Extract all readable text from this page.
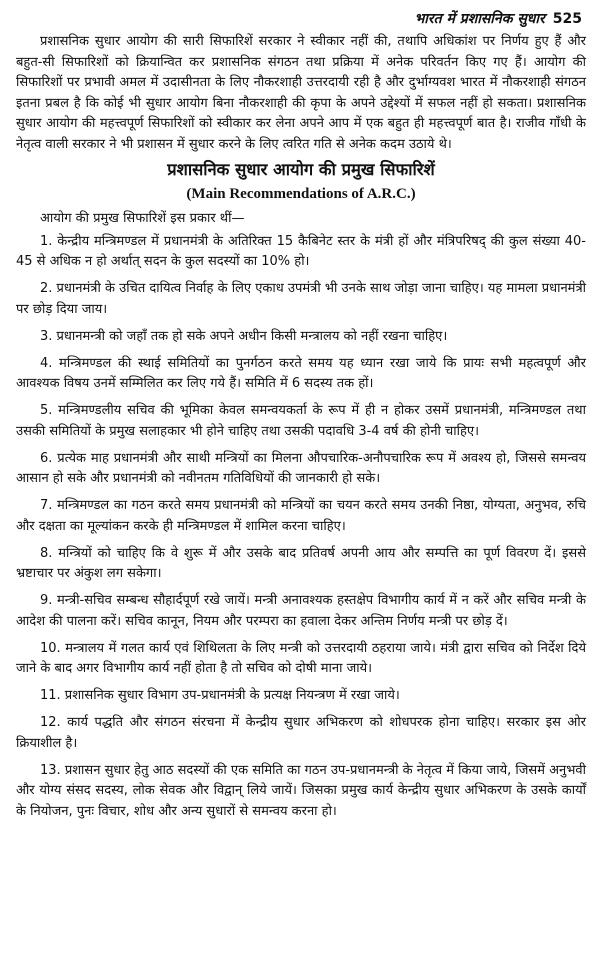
भारत में प्रशासनिक सुधार 525

प्रशासनिक सुधार आयोग की सारी सिफारिशें सरकार ने स्वीकार नहीं की, तथापि अधिकांश पर निर्णय हुए हैं और बहुत-सी सिफारिशों को क्रियान्वित कर प्रशासनिक संगठन तथा प्रक्रिया में अनेक परिवर्तन किए गए हैं। आयोग की सिफारिशों पर प्रभावी अमल में उदासीनता के लिए नौकरशाही उत्तरदायी रही है और दुर्भाग्यवश भारत में नौकरशाही संगठन इतना प्रबल है कि कोई भी सुधार आयोग बिना नौकरशाही की कृपा के अपने उद्देश्यों में सफल नहीं हो सकता। प्रशासनिक सुधार आयोग की महत्त्वपूर्ण सिफारिशों को स्वीकार कर लेना अपने आप में एक बहुत ही महत्त्वपूर्ण बात है। राजीव गाँधी के नेतृत्व वाली सरकार ने भी प्रशासन में सुधार करने के लिए त्वरित गति से अनेक कदम उठाये थे।

प्रशासनिक सुधार आयोग की प्रमुख सिफारिशें
(Main Recommendations of A.R.C.)

आयोग की प्रमुख सिफारिशें इस प्रकार थीं—

1. केन्द्रीय मन्त्रिमण्डल में प्रधानमंत्री के अतिरिक्त 15 कैबिनेट स्तर के मंत्री हों और मंत्रिपरिषद् की कुल संख्या 40-45 से अधिक न हो अर्थात् सदन के कुल सदस्यों का 10% हो।

2. प्रधानमंत्री के उचित दायित्व निर्वाह के लिए एकाध उपमंत्री भी उनके साथ जोड़ा जाना चाहिए। यह मामला प्रधानमंत्री पर छोड़ दिया जाय।

3. प्रधानमन्त्री को जहाँ तक हो सके अपने अधीन किसी मन्त्रालय को नहीं रखना चाहिए।

4. मन्त्रिमण्डल की स्थाई समितियों का पुनर्गठन करते समय यह ध्यान रखा जाये कि प्रायः सभी महत्वपूर्ण और आवश्यक विषय उनमें सम्मिलित कर लिए गये हैं। समिति में 6 सदस्य तक हों।

5. मन्त्रिमण्डलीय सचिव की भूमिका केवल समन्वयकर्ता के रूप में ही न होकर उसमें प्रधानमंत्री, मन्त्रिमण्डल तथा उसकी समितियों के प्रमुख सलाहकार भी होने चाहिए तथा उसकी पदावधि 3-4 वर्ष की होनी चाहिए।

6. प्रत्येक माह प्रधानमंत्री और साथी मन्त्रियों का मिलना औपचारिक-अनौपचारिक रूप में अवश्य हो, जिससे समन्वय आसान हो सके और प्रधानमंत्री को नवीनतम गतिविधियों की जानकारी हो सके।

7. मन्त्रिमण्डल का गठन करते समय प्रधानमंत्री को मन्त्रियों का चयन करते समय उनकी निष्ठा, योग्यता, अनुभव, रुचि और दक्षता का मूल्यांकन करके ही मन्त्रिमण्डल में शामिल करना चाहिए।

8. मन्त्रियों को चाहिए कि वे शुरू में और उसके बाद प्रतिवर्ष अपनी आय और सम्पत्ति का पूर्ण विवरण दें। इससे भ्रष्टाचार पर अंकुश लग सकेगा।

9. मन्त्री-सचिव सम्बन्ध सौहार्दपूर्ण रखे जायें। मन्त्री अनावश्यक हस्तक्षेप विभागीय कार्य में न करें और सचिव मन्त्री के आदेश की पालना करें। सचिव कानून, नियम और परम्परा का हवाला देकर अन्तिम निर्णय मन्त्री पर छोड़ दें।

10. मन्त्रालय में गलत कार्य एवं शिथिलता के लिए मन्त्री को उत्तरदायी ठहराया जाये। मंत्री द्वारा सचिव को निर्देश दिये जाने के बाद अगर विभागीय कार्य नहीं होता है तो सचिव को दोषी माना जाये।

11. प्रशासनिक सुधार विभाग उप-प्रधानमंत्री के प्रत्यक्ष नियन्त्रण में रखा जाये।

12. कार्य पद्धति और संगठन संरचना में केन्द्रीय सुधार अभिकरण को शोधपरक होना चाहिए। सरकार इस ओर क्रियाशील है।

13. प्रशासन सुधार हेतु आठ सदस्यों की एक समिति का गठन उप-प्रधानमन्त्री के नेतृत्व में किया जाये, जिसमें अनुभवी और योग्य संसद सदस्य, लोक सेवक और विद्वान् लिये जायें। जिसका प्रमुख कार्य केन्द्रीय सुधार अभिकरण के उसके कार्यों के नियोजन, पुनः विचार, शोध और अन्य सुधारों से समन्वय करना हो।
